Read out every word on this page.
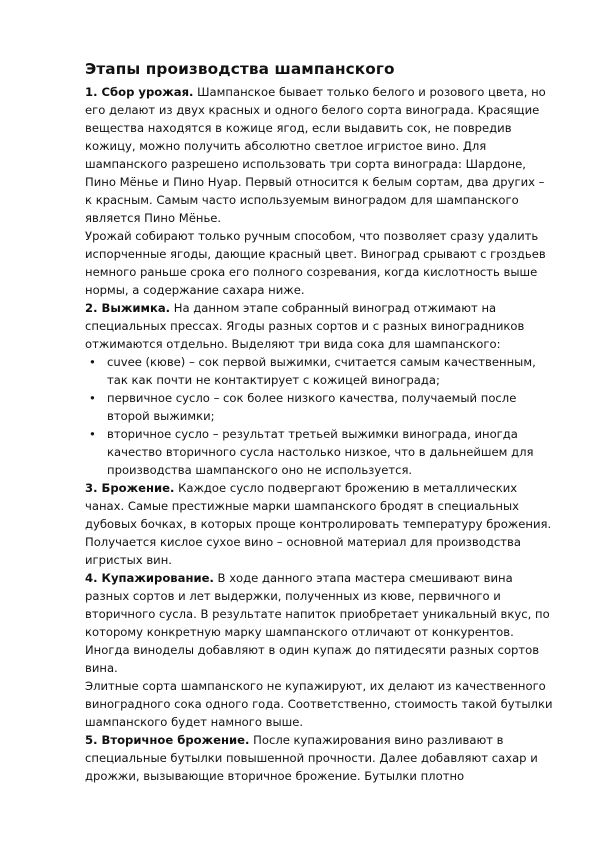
Этапы производства шампанского

1. Сбор урожая. Шампанское бывает только белого и розового цвета, но его делают из двух красных и одного белого сорта винограда. Красящие вещества находятся в кожице ягод, если выдавить сок, не повредив кожицу, можно получить абсолютно светлое игристое вино. Для шампанского разрешено использовать три сорта винограда: Шардоне, Пино Мёнье и Пино Нуар. Первый относится к белым сортам, два других – к красным. Самым часто используемым виноградом для шампанского является Пино Мёнье.

Урожай собирают только ручным способом, что позволяет сразу удалить испорченные ягоды, дающие красный цвет. Виноград срывают с гроздьев немного раньше срока его полного созревания, когда кислотность выше нормы, а содержание сахара ниже.

2. Выжимка. На данном этапе собранный виноград отжимают на специальных прессах. Ягоды разных сортов и с разных виноградников отжимаются отдельно. Выделяют три вида сока для шампанского:

• cuvee (кюве) – сок первой выжимки, считается самым качественным, так как почти не контактирует с кожицей винограда;
• первичное сусло – сок более низкого качества, получаемый после второй выжимки;
• вторичное сусло – результат третьей выжимки винограда, иногда качество вторичного сусла настолько низкое, что в дальнейшем для производства шампанского оно не используется.

3. Брожение. Каждое сусло подвергают брожению в металлических чанах. Самые престижные марки шампанского бродят в специальных дубовых бочках, в которых проще контролировать температуру брожения. Получается кислое сухое вино – основной материал для производства игристых вин.

4. Купажирование. В ходе данного этапа мастера смешивают вина разных сортов и лет выдержки, полученных из кюве, первичного и вторичного сусла. В результате напиток приобретает уникальный вкус, по которому конкретную марку шампанского отличают от конкурентов. Иногда виноделы добавляют в один купаж до пятидесяти разных сортов вина.

Элитные сорта шампанского не купажируют, их делают из качественного виноградного сока одного года. Соответственно, стоимость такой бутылки шампанского будет намного выше.

5. Вторичное брожение. После купажирования вино разливают в специальные бутылки повышенной прочности. Далее добавляют сахар и дрожжи, вызывающие вторичное брожение. Бутылки плотно
